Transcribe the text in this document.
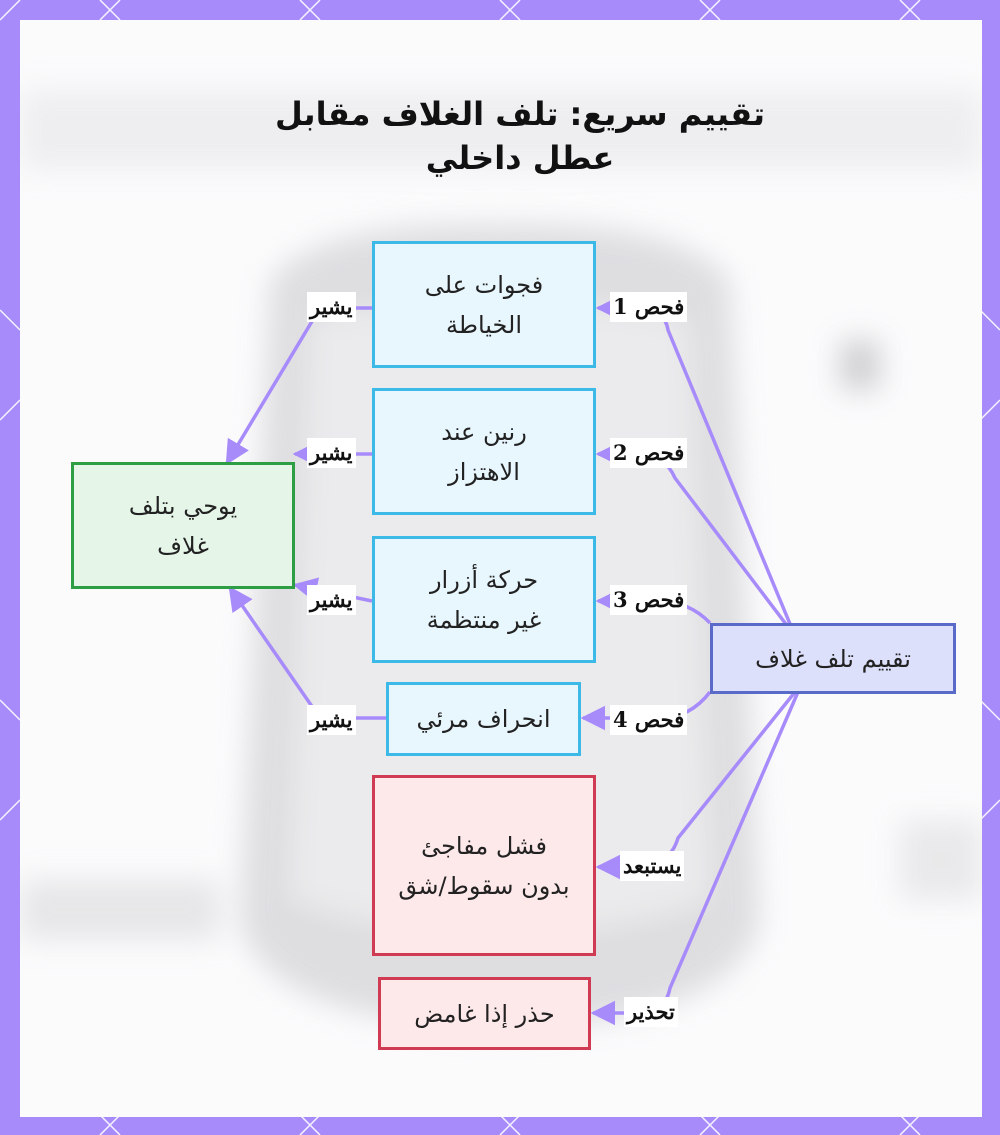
تقييم سريع: تلف الغلاف مقابل
عطل داخلي
فجوات على
الخياطة
رنين عند
الاهتزاز
حركة أزرار
غير منتظمة
انحراف مرئي
يوحي بتلف
غلاف
تقييم تلف غلاف
فشل مفاجئ
بدون سقوط/شق
حذر إذا غامض
فحص 1
فحص 2
فحص 3
فحص 4
يشير
يشير
يشير
يشير
يستبعد
تحذير
